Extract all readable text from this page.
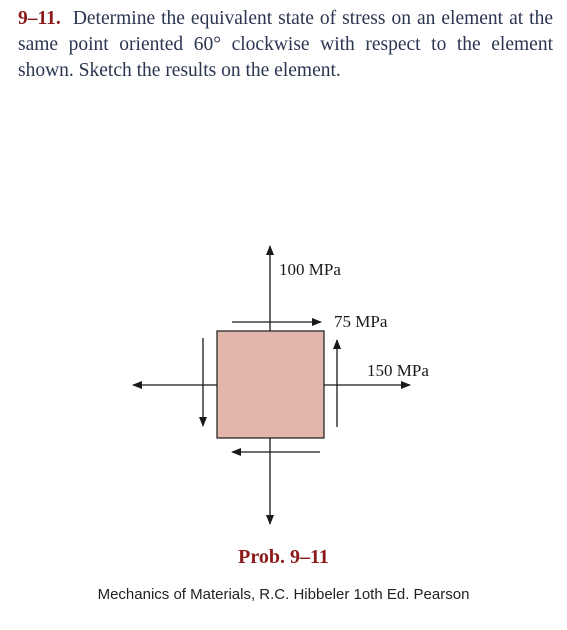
9–11. Determine the equivalent state of stress on an element at the same point oriented 60° clockwise with respect to the element shown. Sketch the results on the element.
100 MPa
75 MPa
150 MPa
Prob. 9–11
Mechanics of Materials, R.C. Hibbeler 1oth Ed. Pearson
